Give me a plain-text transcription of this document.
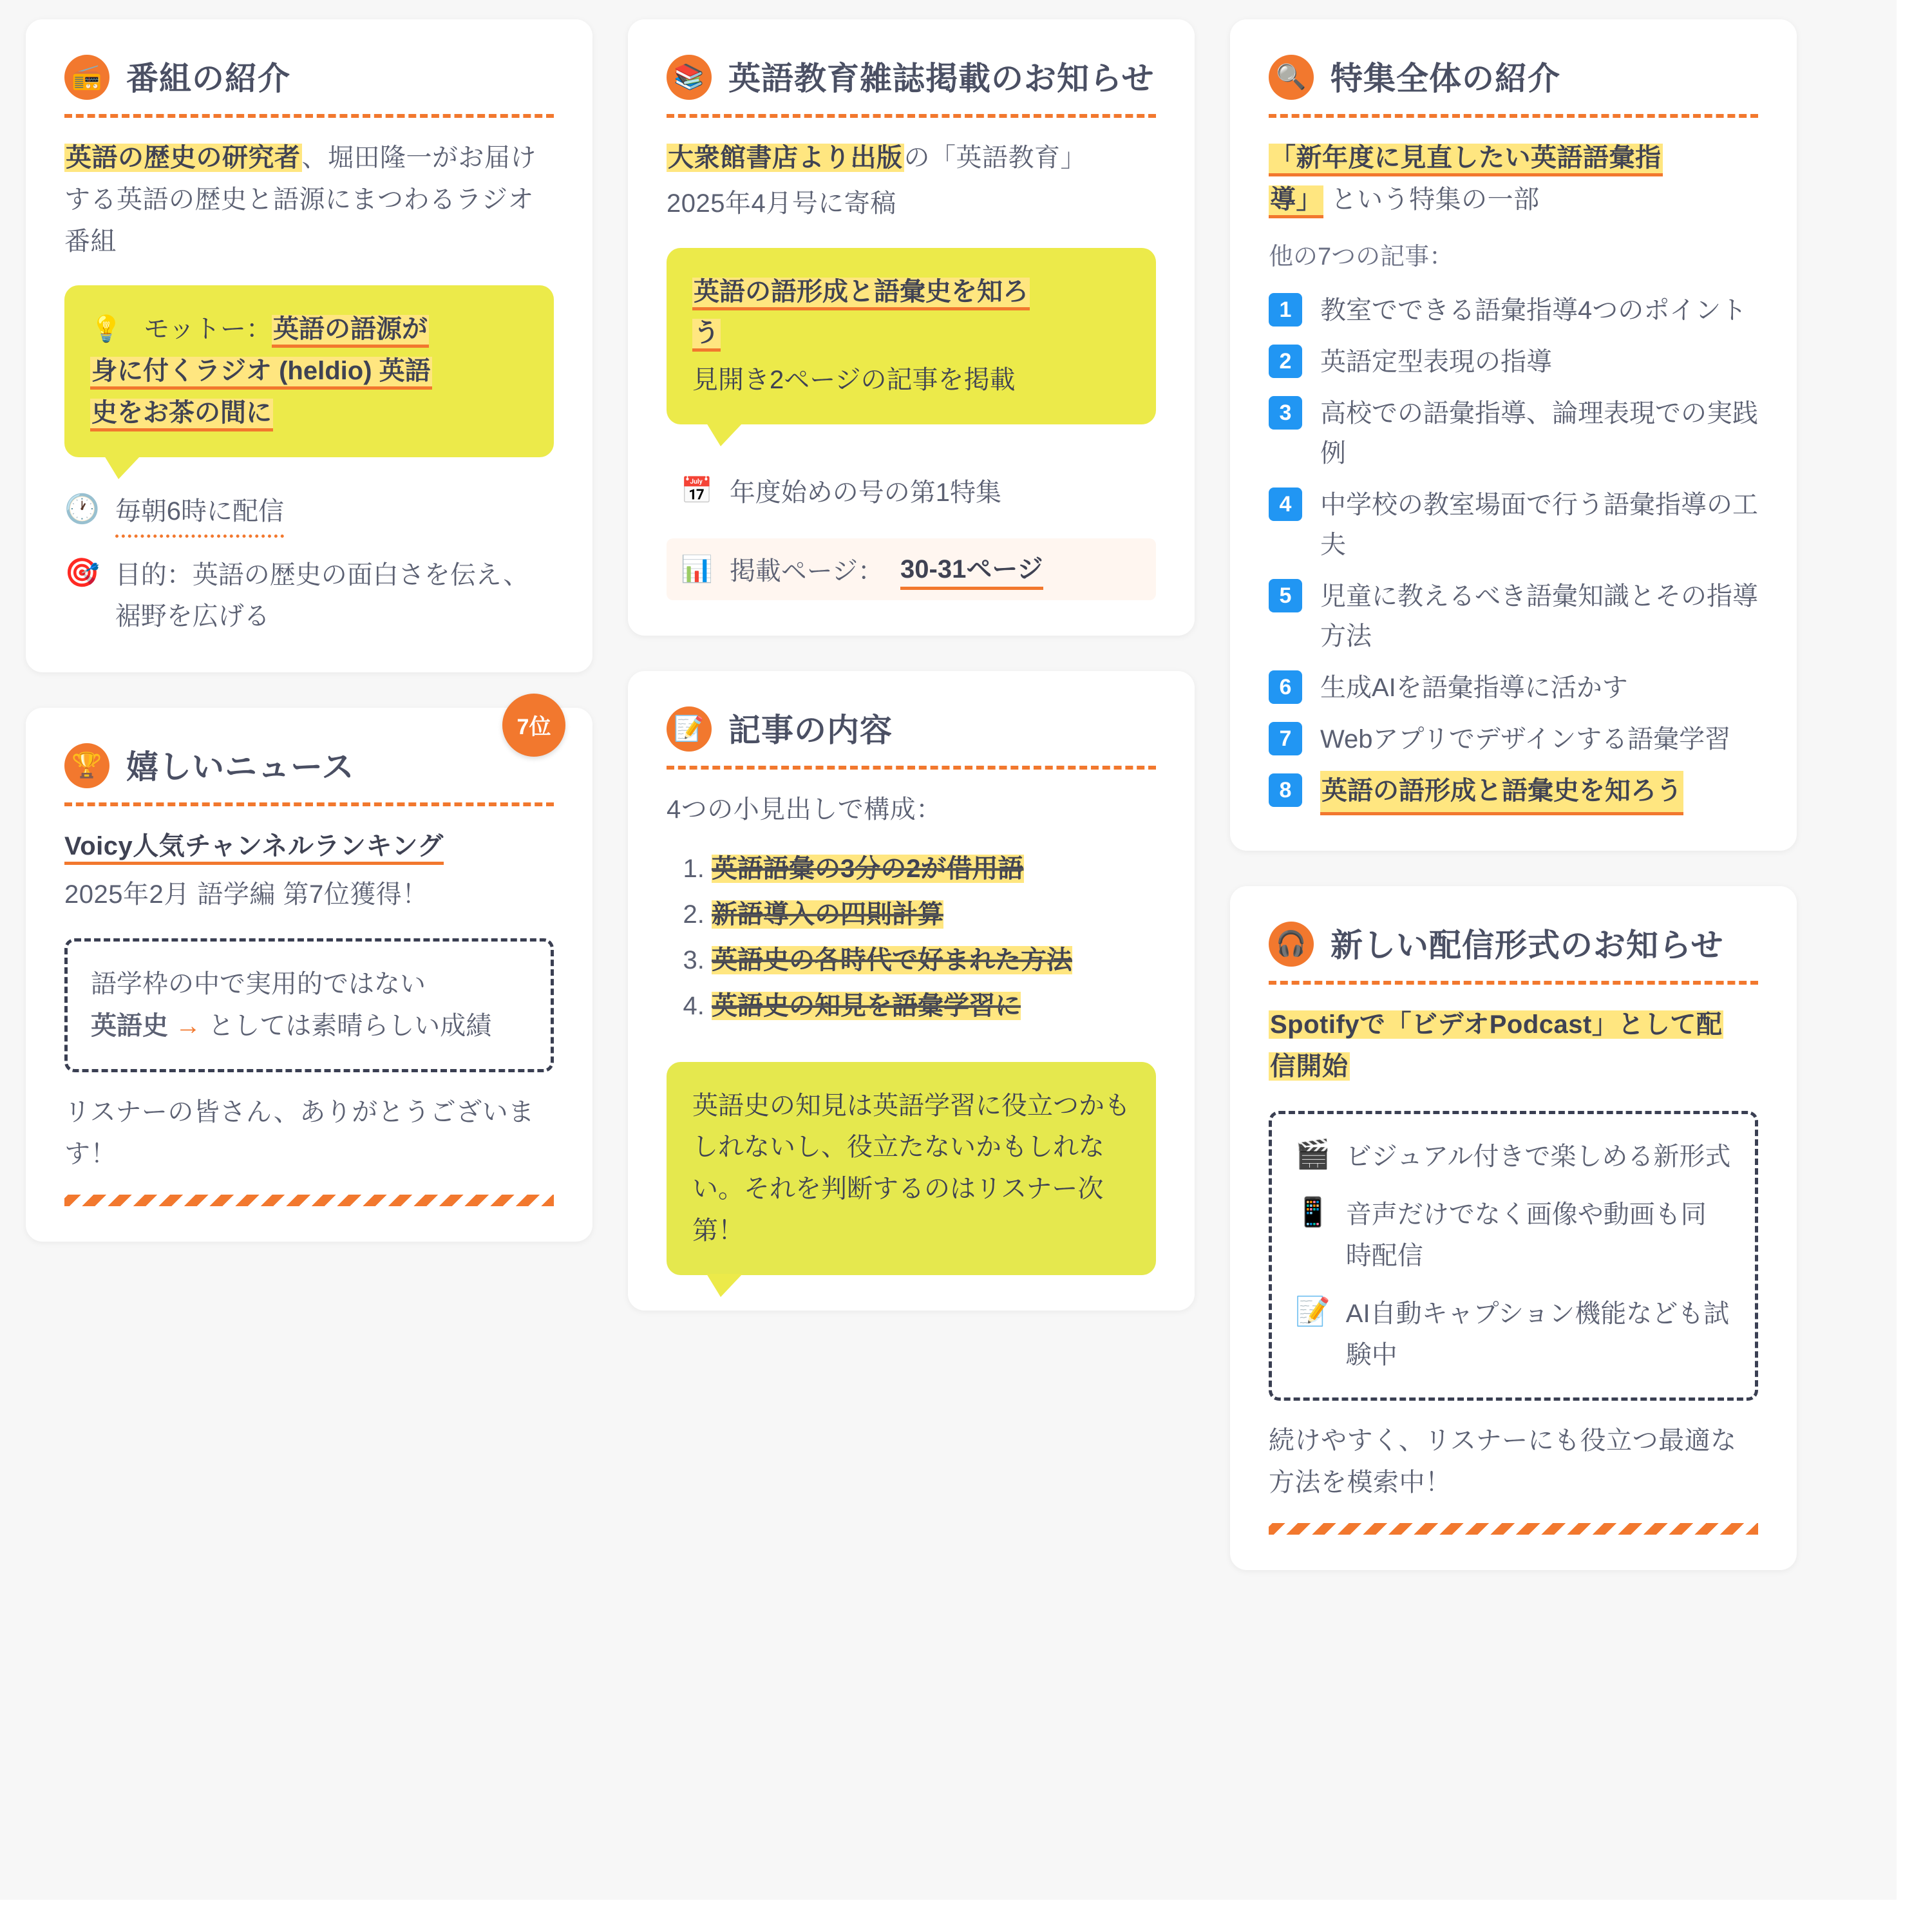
📻 番組の紹介
英語の歴史の研究者、堀田隆一がお届けする英語の歴史と語源にまつわるラジオ番組
💡 モットー：英語の語源が
身に付くラジオ (heldio) 英語
史をお茶の間に
🕐 毎朝6時に配信
🎯 目的：英語の歴史の面白さを伝え、裾野を広げる
7位
🏆 嬉しいニュース
Voicy人気チャンネルランキング
2025年2月 語学編 第7位獲得！
語学枠の中で実用的ではない
英語史 → としては素晴らしい成績
リスナーの皆さん、ありがとうございます！
📚 英語教育雑誌掲載のお知らせ
大衆館書店より出版の「英語教育」
2025年4月号に寄稿
英語の語形成と語彙史を知ろ
う
見開き2ページの記事を掲載
📅 年度始めの号の第1特集
📊 掲載ページ： 30-31ページ
📝 記事の内容
4つの小見出しで構成：
1. 英語語彙の3分の2が借用語
2. 新語導入の四則計算
3. 英語史の各時代で好まれた方法
4. 英語史の知見を語彙学習に
英語史の知見は英語学習に役立つかもしれないし、役立たないかもしれない。それを判断するのはリスナー次第！
🔍 特集全体の紹介
「新年度に見直したい英語語彙指
導」 という特集の一部
他の7つの記事：
1	教室でできる語彙指導4つのポイント
2	英語定型表現の指導
3	高校での語彙指導、論理表現での実践例
4	中学校の教室場面で行う語彙指導の工夫
5	児童に教えるべき語彙知識とその指導方法
6	生成AIを語彙指導に活かす
7	Webアプリでデザインする語彙学習
8	英語の語形成と語彙史を知ろう
🎧 新しい配信形式のお知らせ
Spotifyで「ビデオPodcast」として配
信開始
🎬 ビジュアル付きで楽しめる新形式
📱 音声だけでなく画像や動画も同時配信
📝 AI自動キャプション機能なども試験中
続けやすく、リスナーにも役立つ最適な方法を模索中！
